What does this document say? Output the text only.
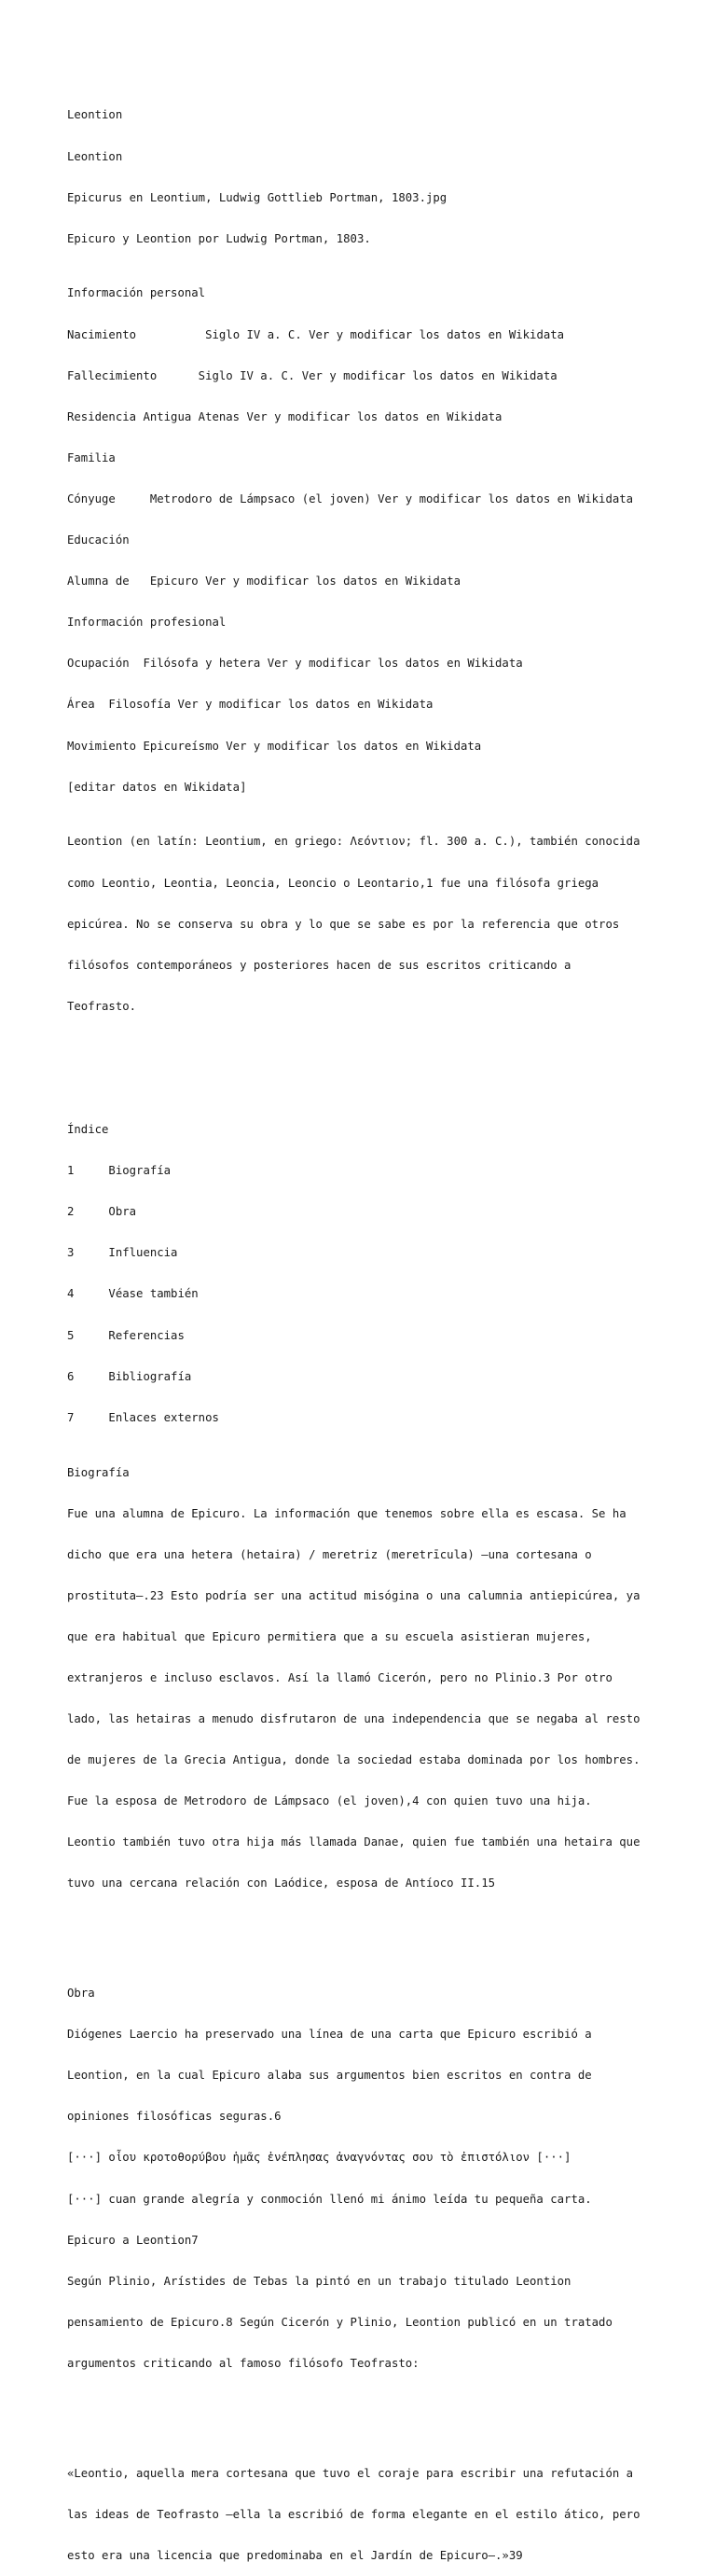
Leontion

Leontion

Epicurus en Leontium, Ludwig Gottlieb Portman, 1803.jpg

Epicuro y Leontion por Ludwig Portman, 1803.

Información personal

Nacimiento	Siglo IV a. C. Ver y modificar los datos en Wikidata

Fallecimiento	Siglo IV a. C. Ver y modificar los datos en Wikidata

Residencia	Antigua Atenas Ver y modificar los datos en Wikidata

Familia

Cónyuge	Metrodoro de Lámpsaco (el joven) Ver y modificar los datos en Wikidata

Educación

Alumna de	Epicuro Ver y modificar los datos en Wikidata

Información profesional

Ocupación	Filósofa y hetera Ver y modificar los datos en Wikidata

Área	Filosofía Ver y modificar los datos en Wikidata

Movimiento	Epicureísmo Ver y modificar los datos en Wikidata

[editar datos en Wikidata]

Leontion (en latín: Leontium, en griego: Λεόντιον; fl. 300 a. C.), también conocida

como Leontio, Leontia, Leoncia, Leoncio o Leontario,1 fue una filósofa griega

epicúrea. No se conserva su obra y lo que se sabe es por la referencia que otros

filósofos contemporáneos y posteriores hacen de sus escritos criticando a

Teofrasto.

Índice

1	Biografía

2	Obra

3	Influencia

4	Véase también

5	Referencias

6	Bibliografía

7	Enlaces externos

Biografía

Fue una alumna de Epicuro. La información que tenemos sobre ella es escasa. Se ha

dicho que era una hetera (hetaira) / meretriz (meretrīcula) —una cortesana o

prostituta—.23 Esto podría ser una actitud misógina o una calumnia antiepicúrea, ya

que era habitual que Epicuro permitiera que a su escuela asistieran mujeres,

extranjeros e incluso esclavos. Así la llamó Cicerón, pero no Plinio.3 Por otro

lado, las hetairas a menudo disfrutaron de una independencia que se negaba al resto

de mujeres de la Grecia Antigua, donde la sociedad estaba dominada por los hombres.

Fue la esposa de Metrodoro de Lámpsaco (el joven),4 con quien tuvo una hija.

Leontio también tuvo otra hija más llamada Danae, quien fue también una hetaira que

tuvo una cercana relación con Laódice, esposa de Antíoco II.15

Obra

Diógenes Laercio ha preservado una línea de una carta que Epicuro escribió a

Leontion, en la cual Epicuro alaba sus argumentos bien escritos en contra de

opiniones filosóficas seguras.6

[···] οἷου κροτοθορύβου ἡμᾶς ἐνέπλησας ἀναγνόντας σου τὸ ἐπιστόλιον [···]

[···] cuan grande alegría y conmoción llenó mi ánimo leída tu pequeña carta.

Epicuro a Leontion7

Según Plinio, Arístides de Tebas la pintó en un trabajo titulado Leontion

pensamiento de Epicuro.8 Según Cicerón y Plinio, Leontion publicó en un tratado

argumentos criticando al famoso filósofo Teofrasto:

«Leontio, aquella mera cortesana que tuvo el coraje para escribir una refutación a

las ideas de Teofrasto —ella la escribió de forma elegante en el estilo ático, pero

esto era una licencia que predominaba en el Jardín de Epicuro—.»39
